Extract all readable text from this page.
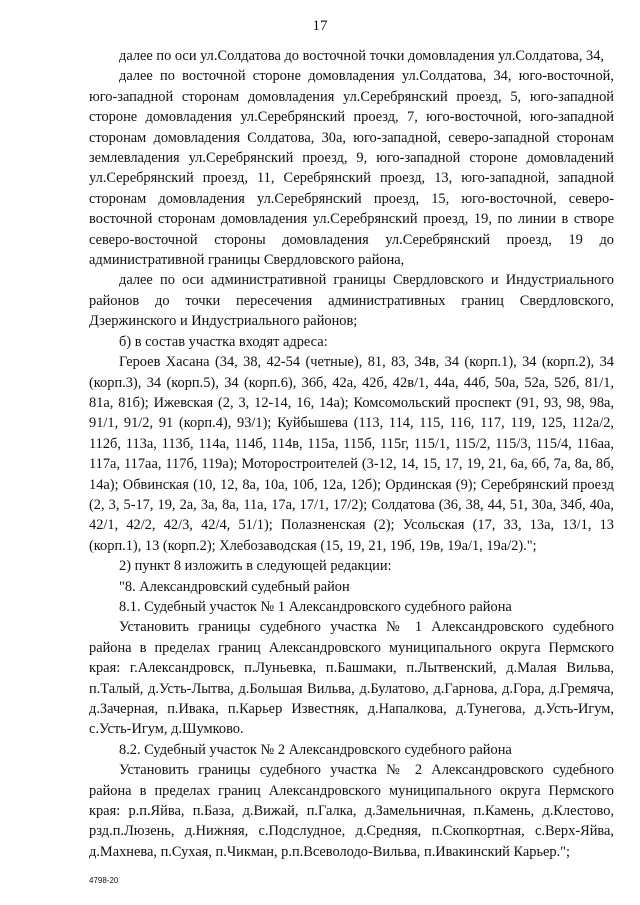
17

далее по оси ул.Солдатова до восточной точки домовладения ул.Солдатова, 34,

далее по восточной стороне домовладения ул.Солдатова, 34, юго-восточной, юго-западной сторонам домовладения ул.Серебрянский проезд, 5, юго-западной стороне домовладения ул.Серебрянский проезд, 7, юго-восточной, юго-западной сторонам домовладения Солдатова, 30а, юго-западной, северо-западной сторонам землевладения ул.Серебрянский проезд, 9, юго-западной стороне домовладений ул.Серебрянский проезд, 11, Серебрянский проезд, 13, юго-западной, западной сторонам домовладения ул.Серебрянский проезд, 15, юго-восточной, северо-восточной сторонам домовладения ул.Серебрянский проезд, 19, по линии в створе северо-восточной стороны домовладения ул.Серебрянский проезд, 19 до административной границы Свердловского района,

далее по оси административной границы Свердловского и Индустриального районов до точки пересечения административных границ Свердловского, Дзержинского и Индустриального районов;

б) в состав участка входят адреса:

Героев Хасана (34, 38, 42-54 (четные), 81, 83, 34в, 34 (корп.1), 34 (корп.2), 34 (корп.3), 34 (корп.5), 34 (корп.6), 36б, 42а, 42б, 42в/1, 44а, 44б, 50а, 52а, 52б, 81/1, 81а, 81б); Ижевская (2, 3, 12-14, 16, 14а); Комсомольский проспект (91, 93, 98, 98а, 91/1, 91/2, 91 (корп.4), 93/1); Куйбышева (113, 114, 115, 116, 117, 119, 125, 112а/2, 112б, 113а, 113б, 114а, 114б, 114в, 115а, 115б, 115г, 115/1, 115/2, 115/3, 115/4, 116аа, 117а, 117аа, 117б, 119а); Моторостроителей (3-12, 14, 15, 17, 19, 21, 6а, 6б, 7а, 8а, 8б, 14а); Обвинская (10, 12, 8а, 10а, 10б, 12а, 12б); Ординская (9); Серебрянский проезд (2, 3, 5-17, 19, 2а, 3а, 8а, 11а, 17а, 17/1, 17/2); Солдатова (36, 38, 44, 51, 30а, 34б, 40а, 42/1, 42/2, 42/3, 42/4, 51/1); Полазненская (2); Усольская (17, 33, 13а, 13/1, 13 (корп.1), 13 (корп.2); Хлебозаводская (15, 19, 21, 19б, 19в, 19а/1, 19а/2).";

2) пункт 8 изложить в следующей редакции:

"8. Александровский судебный район

8.1. Судебный участок № 1 Александровского судебного района

Установить границы судебного участка № 1 Александровского судебного района в пределах границ Александровского муниципального округа Пермского края: г.Александровск, п.Луньевка, п.Башмаки, п.Лытвенский, д.Малая Вильва, п.Талый, д.Усть-Лытва, д.Большая Вильва, д.Булатово, д.Гарнова, д.Гора, д.Гремяча, д.Зачерная, п.Ивака, п.Карьер Известняк, д.Напалкова, д.Тунегова, д.Усть-Игум, с.Усть-Игум, д.Шумково.

8.2. Судебный участок № 2 Александровского судебного района

Установить границы судебного участка № 2 Александровского судебного района в пределах границ Александровского муниципального округа Пермского края: р.п.Яйва, п.База, д.Вижай, п.Галка, д.Замельничная, п.Камень, д.Клестово, рзд.п.Люзень, д.Нижняя, с.Подслудное, д.Средняя, п.Скопкортная, с.Верх-Яйва, д.Махнева, п.Сухая, п.Чикман, р.п.Всеволодо-Вильва, п.Ивакинский Карьер.";

4798-20
